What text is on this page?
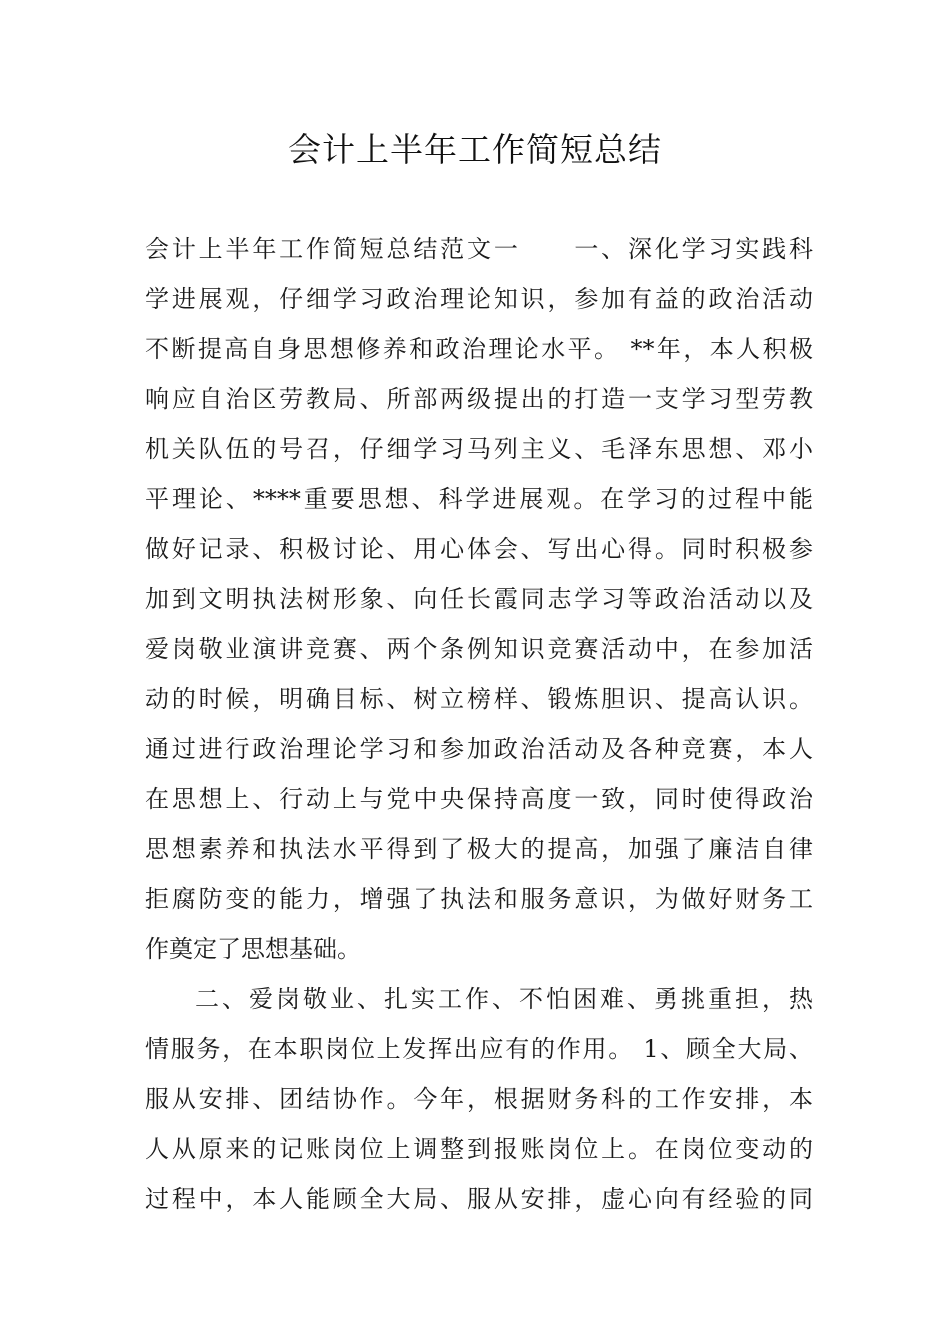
会计上半年工作简短总结
会计上半年工作简短总结范文一　　一、深化学习实践科
学进展观，仔细学习政治理论知识，参加有益的政治活动
不断提高自身思想修养和政治理论水平。 **年，本人积极
响应自治区劳教局、所部两级提出的打造一支学习型劳教
机关队伍的号召，仔细学习马列主义、毛泽东思想、邓小
平理论、****重要思想、科学进展观。在学习的过程中能
做好记录、积极讨论、用心体会、写出心得。同时积极参
加到文明执法树形象、向任长霞同志学习等政治活动以及
爱岗敬业演讲竞赛、两个条例知识竞赛活动中，在参加活
动的时候，明确目标、树立榜样、锻炼胆识、提高认识。
通过进行政治理论学习和参加政治活动及各种竞赛，本人
在思想上、行动上与党中央保持高度一致，同时使得政治
思想素养和执法水平得到了极大的提高，加强了廉洁自律
拒腐防变的能力，增强了执法和服务意识，为做好财务工
作奠定了思想基础。
二、爱岗敬业、扎实工作、不怕困难、勇挑重担，热
情服务，在本职岗位上发挥出应有的作用。 1、顾全大局、
服从安排、团结协作。今年，根据财务科的工作安排，本
人从原来的记账岗位上调整到报账岗位上。在岗位变动的
过程中，本人能顾全大局、服从安排，虚心向有经验的同
